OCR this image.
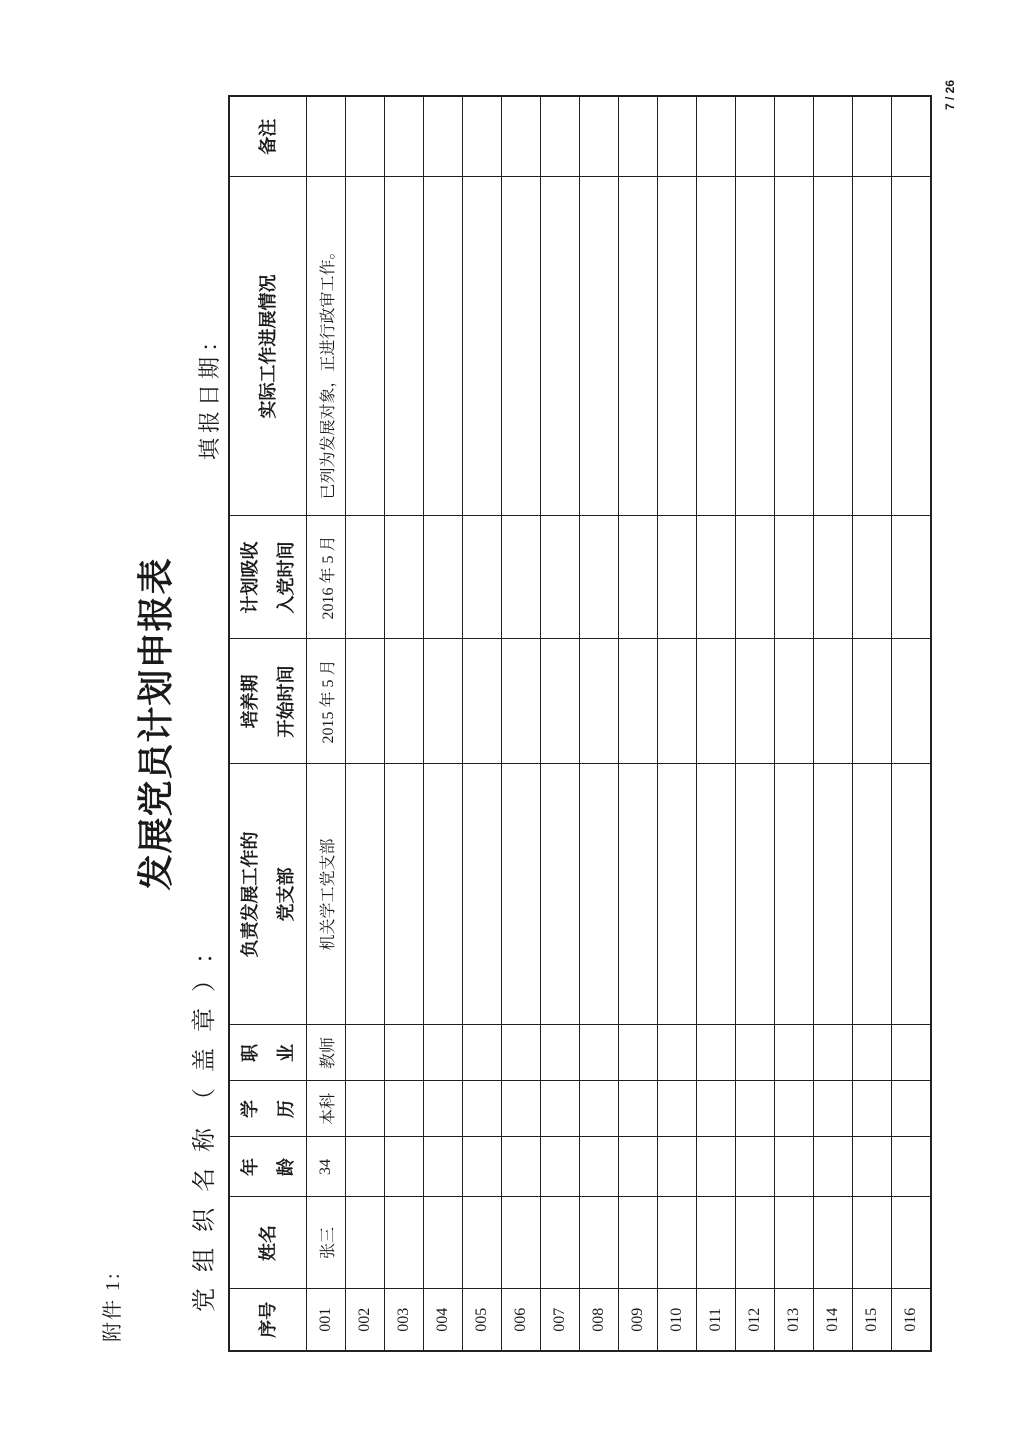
附件 1:
发展党员计划申报表
党组织名称（盖章）：
填报日期：
序号	姓名	年 龄	学 历	职 业	负责发展工作的 党支部	培养期 开始时间	计划吸收 入党时间	实际工作进展情况	备注

001	张三	34	本科	教师	机关学工党支部	2015 年 5 月	2016 年 5 月	已列为发展对象，正进行政审工作。	
002									
003									
004									
005									
006									
007									
008									
009									
010									
011									
012									
013									
014									
015									
016									
7 / 26
